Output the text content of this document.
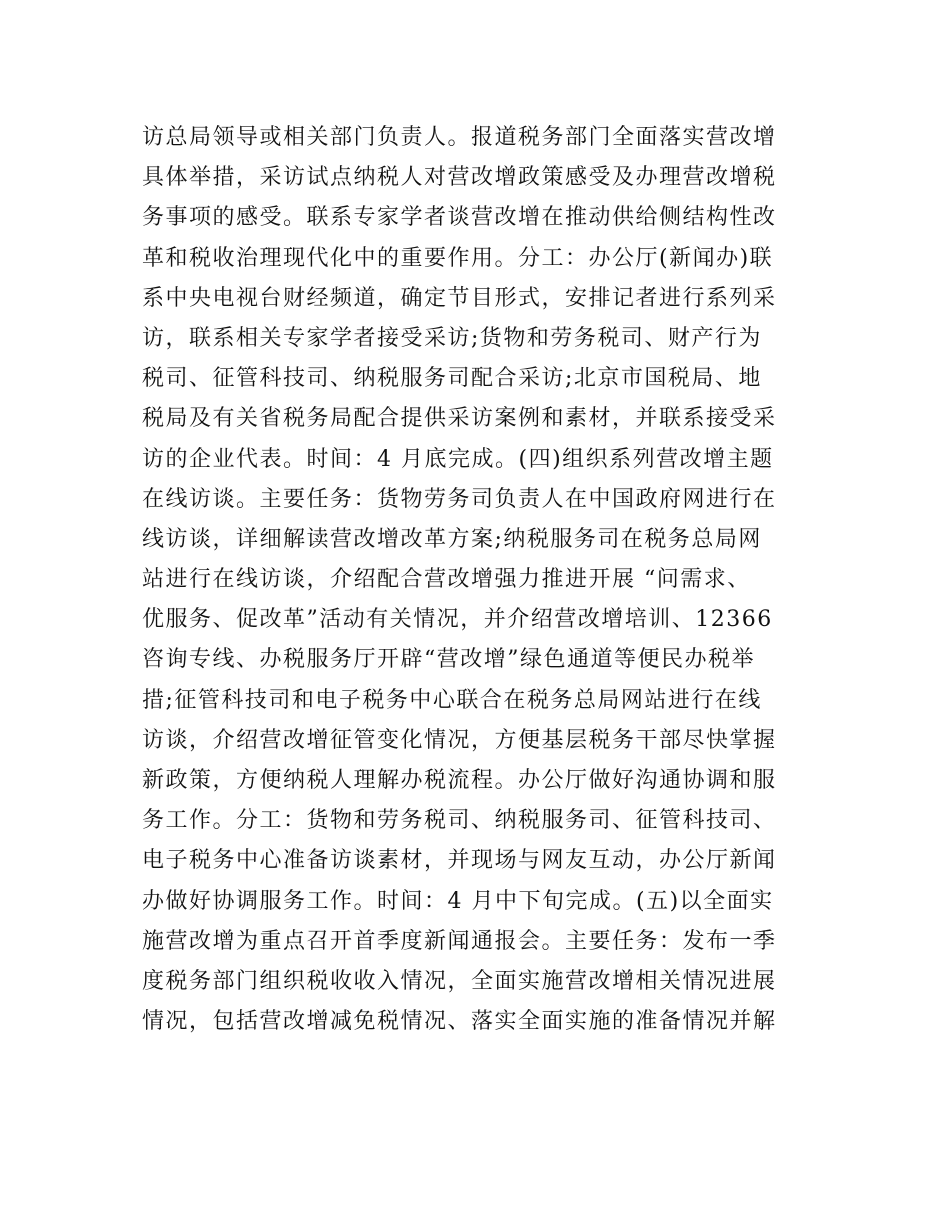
访总局领导或相关部门负责人。报道税务部门全面落实营改增
具体举措，采访试点纳税人对营改增政策感受及办理营改增税
务事项的感受。联系专家学者谈营改增在推动供给侧结构性改
革和税收治理现代化中的重要作用。分工：办公厅(新闻办)联
系中央电视台财经频道，确定节目形式，安排记者进行系列采
访，联系相关专家学者接受采访;货物和劳务税司、财产行为
税司、征管科技司、纳税服务司配合采访;北京市国税局、地
税局及有关省税务局配合提供采访案例和素材，并联系接受采
访的企业代表。时间：4 月底完成。(四)组织系列营改增主题
在线访谈。主要任务：货物劳务司负责人在中国政府网进行在
线访谈，详细解读营改增改革方案;纳税服务司在税务总局网
站进行在线访谈，介绍配合营改增强力推进开展 “问需求、
优服务、促改革”活动有关情况，并介绍营改增培训、12366
咨询专线、办税服务厅开辟“营改增”绿色通道等便民办税举
措;征管科技司和电子税务中心联合在税务总局网站进行在线
访谈，介绍营改增征管变化情况，方便基层税务干部尽快掌握
新政策，方便纳税人理解办税流程。办公厅做好沟通协调和服
务工作。分工：货物和劳务税司、纳税服务司、征管科技司、
电子税务中心准备访谈素材，并现场与网友互动，办公厅新闻
办做好协调服务工作。时间：4 月中下旬完成。(五)以全面实
施营改增为重点召开首季度新闻通报会。主要任务：发布一季
度税务部门组织税收收入情况，全面实施营改增相关情况进展
情况，包括营改增减免税情况、落实全面实施的准备情况并解
